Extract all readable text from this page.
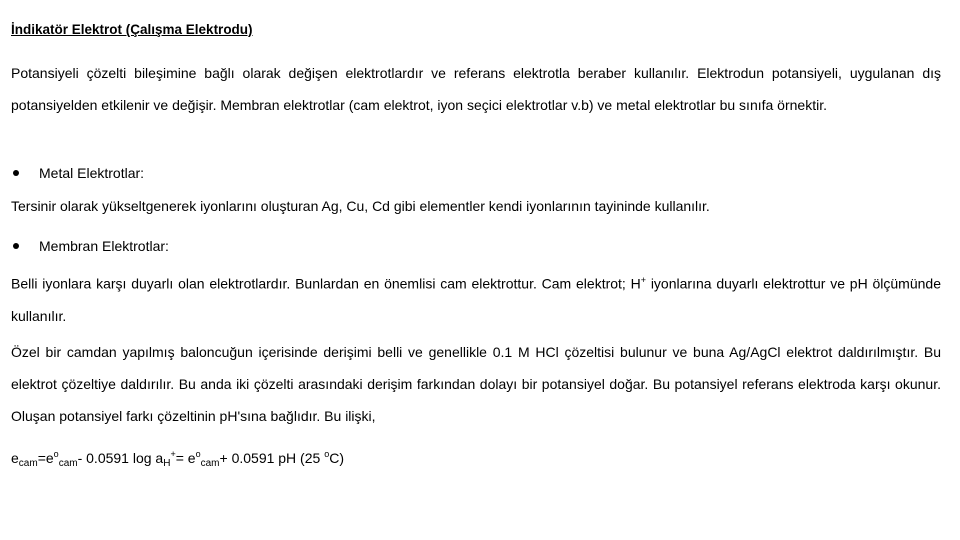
İndikatör Elektrot (Çalışma Elektrodu)

Potansiyeli çözelti bileşimine bağlı olarak değişen elektrotlardır ve referans elektrotla beraber kullanılır. Elektrodun potansiyeli, uygulanan dış potansiyelden etkilenir ve değişir. Membran elektrotlar (cam elektrot, iyon seçici elektrotlar v.b) ve metal elektrotlar bu sınıfa örnektir.

Metal Elektrotlar:
Tersinir olarak yükseltgenerek iyonlarını oluşturan Ag, Cu, Cd gibi elementler kendi iyonlarının tayininde kullanılır.
Membran Elektrotlar:

Belli iyonlara karşı duyarlı olan elektrotlardır. Bunlardan en önemlisi cam elektrottur. Cam elektrot; H+ iyonlarına duyarlı elektrottur ve pH ölçümünde kullanılır.

Özel bir camdan yapılmış baloncuğun içerisinde derişimi belli ve genellikle 0.1 M HCl çözeltisi bulunur ve buna Ag/AgCl elektrot daldırılmıştır. Bu elektrot çözeltiye daldırılır. Bu anda iki çözelti arasındaki derişim farkından dolayı bir potansiyel doğar. Bu potansiyel referans elektroda karşı okunur. Oluşan potansiyel farkı çözeltinin pH'sına bağlıdır. Bu ilişki,

$e_{cam}=e^o_{cam}-$ 0.0591 $\log a_H^+= e^o_{cam}+ 0.0591$ pH (25 $^o$C)
